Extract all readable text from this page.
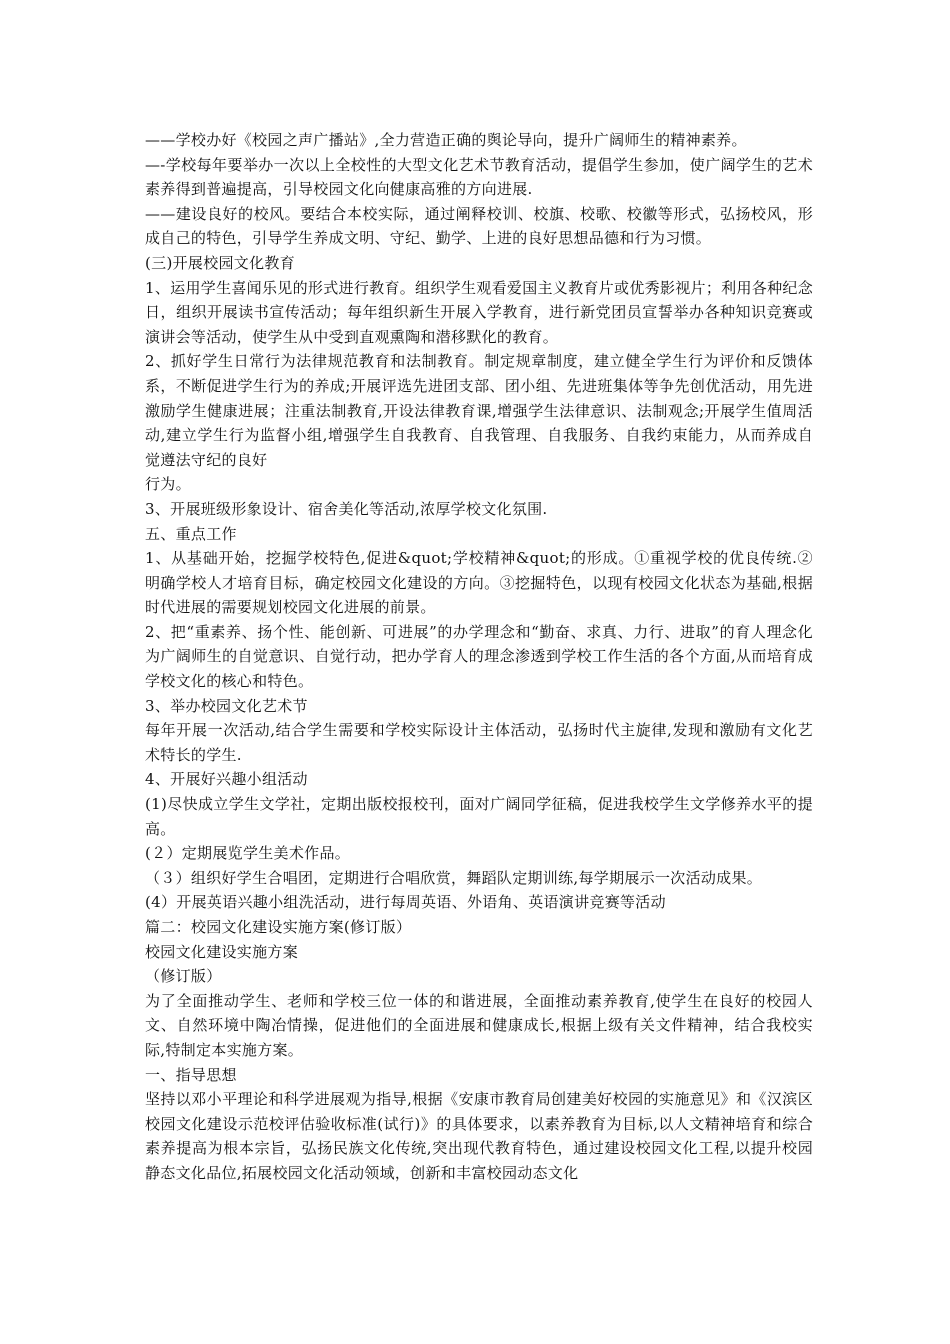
——学校办好《校园之声广播站》,全力营造正确的舆论导向，提升广阔师生的精神素养。

—-学校每年要举办一次以上全校性的大型文化艺术节教育活动，提倡学生参加，使广阔学生的艺术素养得到普遍提高，引导校园文化向健康高雅的方向进展.

——建设良好的校风。要结合本校实际，通过阐释校训、校旗、校歌、校徽等形式，弘扬校风，形成自己的特色，引导学生养成文明、守纪、勤学、上进的良好思想品德和行为习惯。

(三)开展校园文化教育

1、运用学生喜闻乐见的形式进行教育。组织学生观看爱国主义教育片或优秀影视片；利用各种纪念日，组织开展读书宣传活动；每年组织新生开展入学教育，进行新党团员宣誓举办各种知识竞赛或演讲会等活动，使学生从中受到直观熏陶和潜移默化的教育。

2、抓好学生日常行为法律规范教育和法制教育。制定规章制度，建立健全学生行为评价和反馈体系，不断促进学生行为的养成;开展评选先进团支部、团小组、先进班集体等争先创优活动，用先进激励学生健康进展；注重法制教育,开设法律教育课,增强学生法律意识、法制观念;开展学生值周活动,建立学生行为监督小组,增强学生自我教育、自我管理、自我服务、自我约束能力，从而养成自觉遵法守纪的良好

行为。

3、开展班级形象设计、宿舍美化等活动,浓厚学校文化氛围.

五、重点工作

1、从基础开始，挖掘学校特色,促进&quot;学校精神&quot;的形成。①重视学校的优良传统.② 明确学校人才培育目标，确定校园文化建设的方向。③挖掘特色，以现有校园文化状态为基础,根据时代进展的需要规划校园文化进展的前景。

2、把“重素养、扬个性、能创新、可进展”的办学理念和“勤奋、求真、力行、进取”的育人理念化为广阔师生的自觉意识、自觉行动，把办学育人的理念渗透到学校工作生活的各个方面,从而培育成学校文化的核心和特色。

3、举办校园文化艺术节

每年开展一次活动,结合学生需要和学校实际设计主体活动，弘扬时代主旋律,发现和激励有文化艺术特长的学生.

4、开展好兴趣小组活动

(1)尽快成立学生文学社，定期出版校报校刊，面对广阔同学征稿，促进我校学生文学修养水平的提高。

(２）定期展览学生美术作品。

（３）组织好学生合唱团，定期进行合唱欣赏，舞蹈队定期训练,每学期展示一次活动成果。

(4）开展英语兴趣小组洗活动，进行每周英语、外语角、英语演讲竞赛等活动

篇二：校园文化建设实施方案(修订版）

校园文化建设实施方案

（修订版）

为了全面推动学生、老师和学校三位一体的和谐进展，全面推动素养教育,使学生在良好的校园人文、自然环境中陶冶情操，促进他们的全面进展和健康成长,根据上级有关文件精神，结合我校实际,特制定本实施方案。

一、指导思想

坚持以邓小平理论和科学进展观为指导,根据《安康市教育局创建美好校园的实施意见》和《汉滨区校园文化建设示范校评估验收标准(试行)》的具体要求，以素养教育为目标,以人文精神培育和综合素养提高为根本宗旨，弘扬民族文化传统,突出现代教育特色，通过建设校园文化工程,以提升校园静态文化品位,拓展校园文化活动领域，创新和丰富校园动态文化
